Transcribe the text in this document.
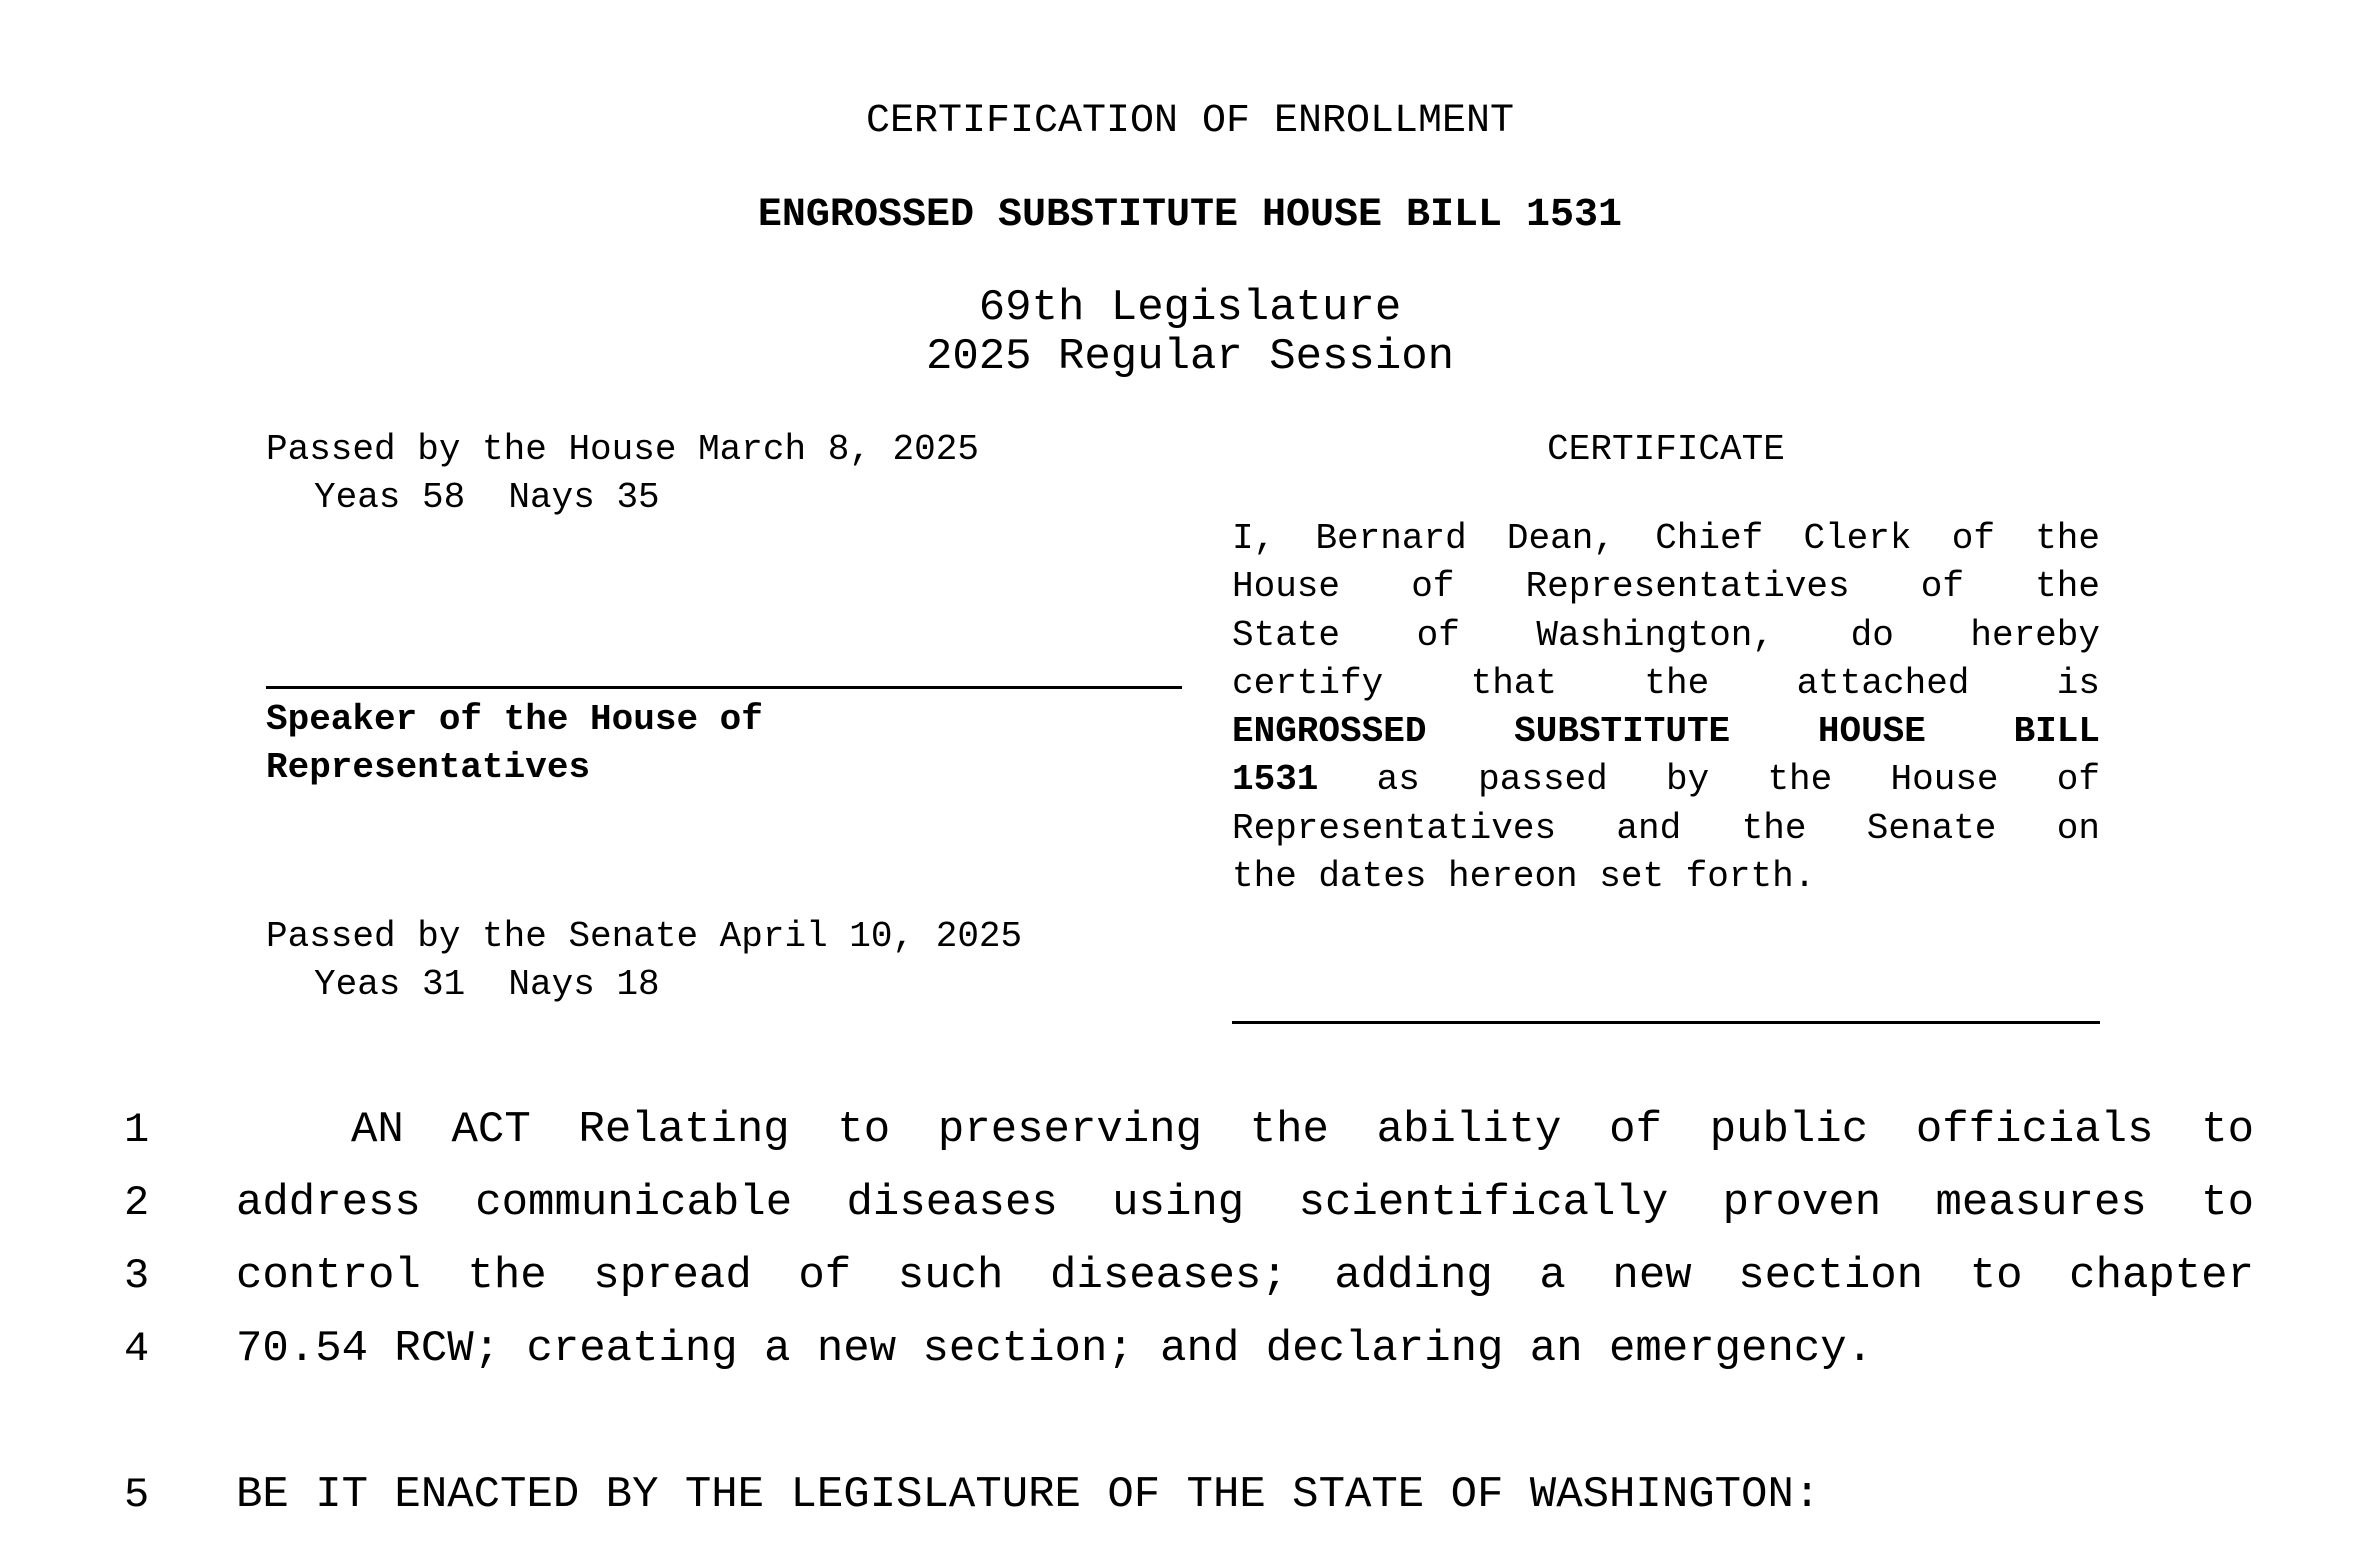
CERTIFICATION OF ENROLLMENT
ENGROSSED SUBSTITUTE HOUSE BILL 1531
69th Legislature
2025 Regular Session
Passed by the House March 8, 2025
Yeas 58  Nays 35
Speaker of the House of Representatives
Passed by the Senate April 10, 2025
Yeas 31  Nays 18
CERTIFICATE
I, Bernard Dean, Chief Clerk of the
House of Representatives of the
State of Washington, do hereby
certify that the attached is
ENGROSSED SUBSTITUTE HOUSE BILL
1531 as passed by the House of
Representatives and the Senate on
the dates hereon set forth.
1	AN ACT Relating to preserving the ability of public officials to
2	address communicable diseases using scientifically proven measures to
3	control the spread of such diseases; adding a new section to chapter
4	70.54 RCW; creating a new section; and declaring an emergency.
5	BE IT ENACTED BY THE LEGISLATURE OF THE STATE OF WASHINGTON:
